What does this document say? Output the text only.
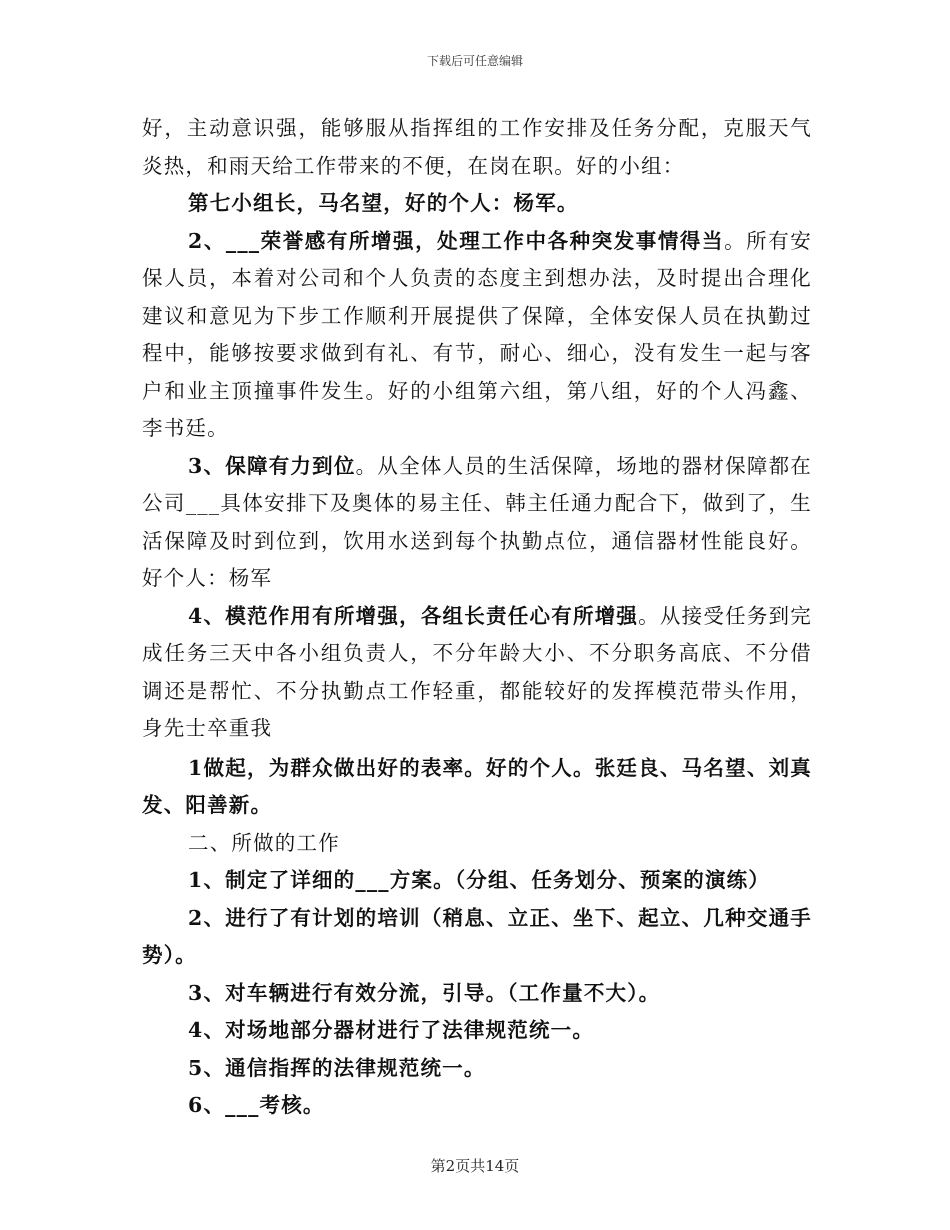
下载后可任意编辑

好，主动意识强，能够服从指挥组的工作安排及任务分配，克服天气炎热，和雨天给工作带来的不便，在岗在职。好的小组：

第七小组长，马名望，好的个人：杨军。

2、___荣誉感有所增强，处理工作中各种突发事情得当。所有安保人员，本着对公司和个人负责的态度主到想办法，及时提出合理化建议和意见为下步工作顺利开展提供了保障，全体安保人员在执勤过程中，能够按要求做到有礼、有节，耐心、细心，没有发生一起与客户和业主顶撞事件发生。好的小组第六组，第八组，好的个人冯鑫、李书廷。

3、保障有力到位。从全体人员的生活保障，场地的器材保障都在公司___具体安排下及奥体的易主任、韩主任通力配合下，做到了，生活保障及时到位到，饮用水送到每个执勤点位，通信器材性能良好。好个人：杨军

4、模范作用有所增强，各组长责任心有所增强。从接受任务到完成任务三天中各小组负责人，不分年龄大小、不分职务高底、不分借调还是帮忙、不分执勤点工作轻重，都能较好的发挥模范带头作用，身先士卒重我

1做起，为群众做出好的表率。好的个人。张廷良、马名望、刘真发、阳善新。

二、所做的工作

1、制定了详细的___方案。（分组、任务划分、预案的演练）

2、进行了有计划的培训（稍息、立正、坐下、起立、几种交通手势）。

3、对车辆进行有效分流，引导。（工作量不大）。

4、对场地部分器材进行了法律规范统一。

5、通信指挥的法律规范统一。

6、___考核。

第2页共14页
